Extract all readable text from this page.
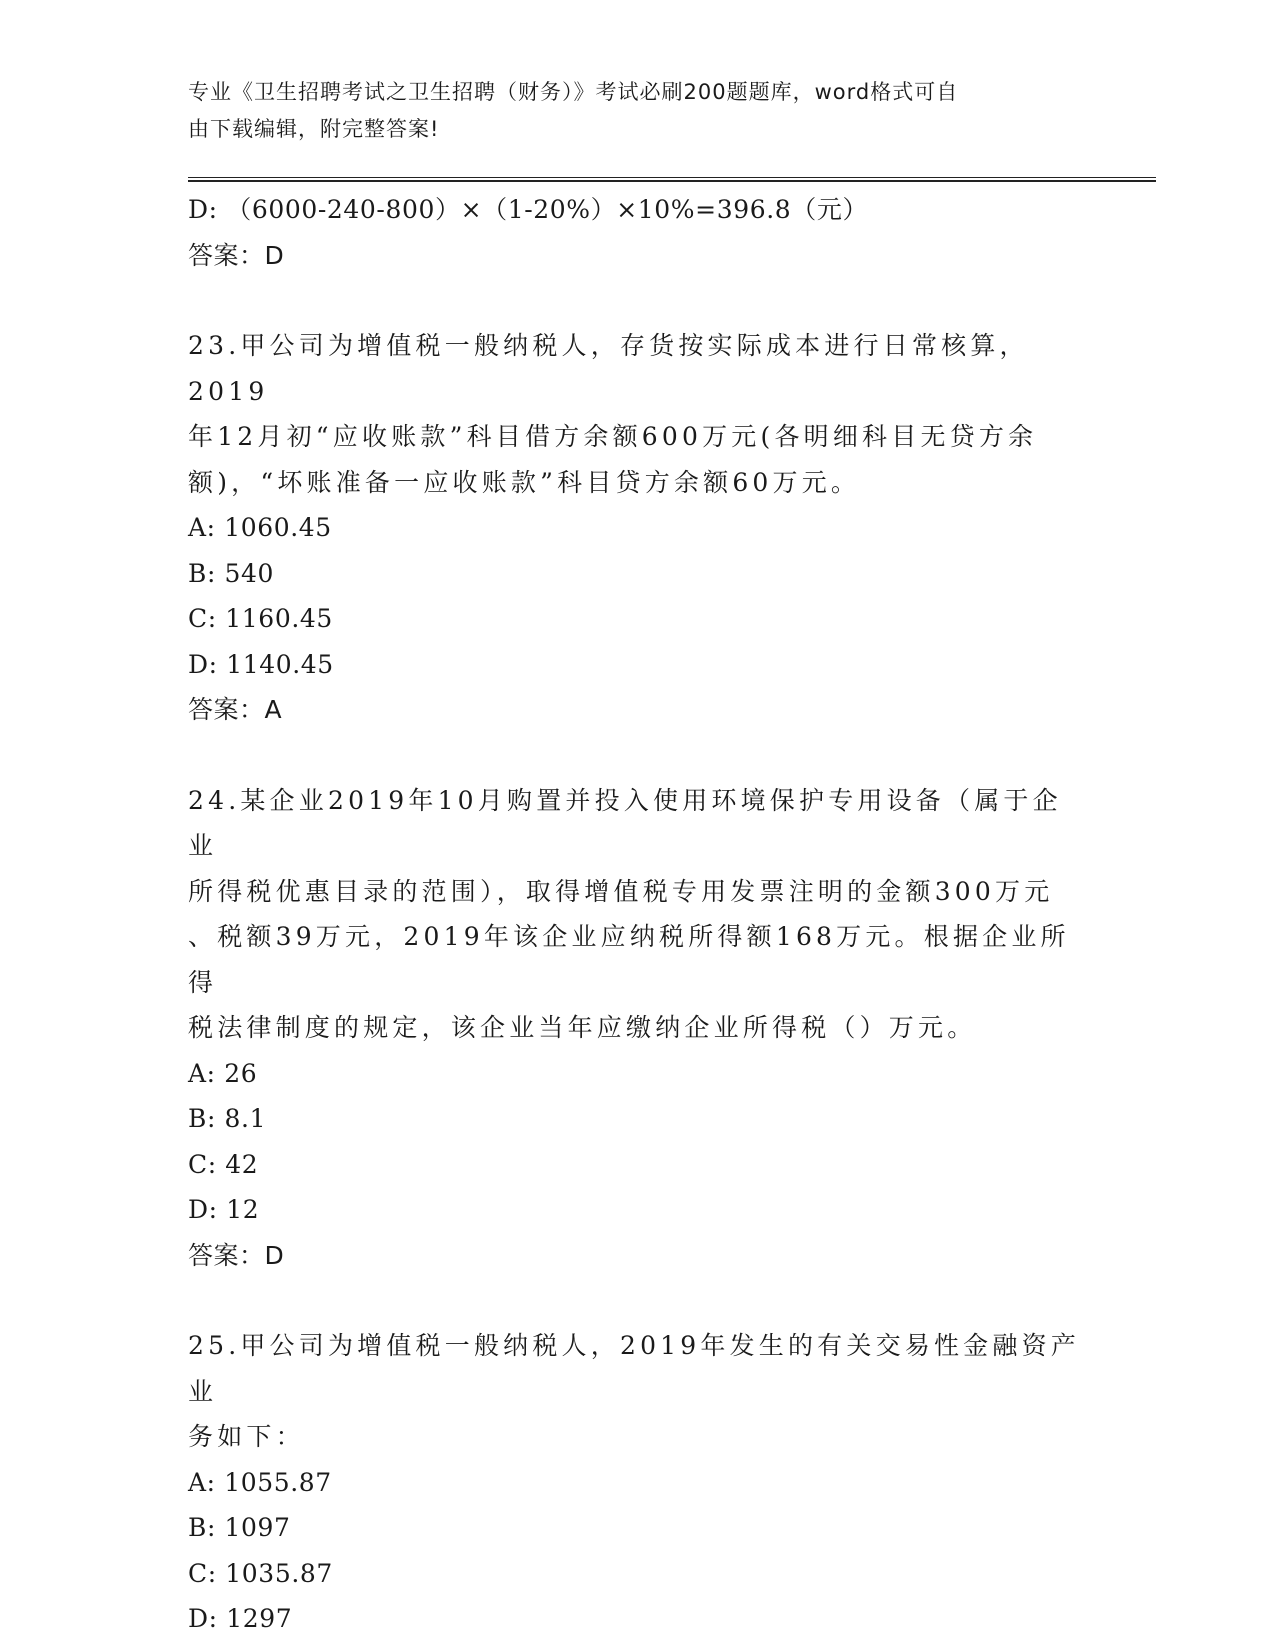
专业《卫生招聘考试之卫生招聘（财务）》考试必刷200题题库，word格式可自
由下载编辑，附完整答案!
D: （6000-240-800）×（1-20%）×10%=396.8（元）
答案：D
23.甲公司为增值税一般纳税人，存货按实际成本进行日常核算，2019
年12月初“应收账款”科目借方余额600万元(各明细科目无贷方余
额)，“坏账准备一应收账款”科目贷方余额60万元。
A: 1060.45
B: 540
C: 1160.45
D: 1140.45
答案：A
24.某企业2019年10月购置并投入使用环境保护专用设备（属于企业
所得税优惠目录的范围），取得增值税专用发票注明的金额300万元
、税额39万元，2019年该企业应纳税所得额168万元。根据企业所得
税法律制度的规定，该企业当年应缴纳企业所得税（）万元。
A: 26
B: 8.1
C: 42
D: 12
答案：D
25.甲公司为增值税一般纳税人，2019年发生的有关交易性金融资产业
务如下：
A: 1055.87
B: 1097
C: 1035.87
D: 1297
